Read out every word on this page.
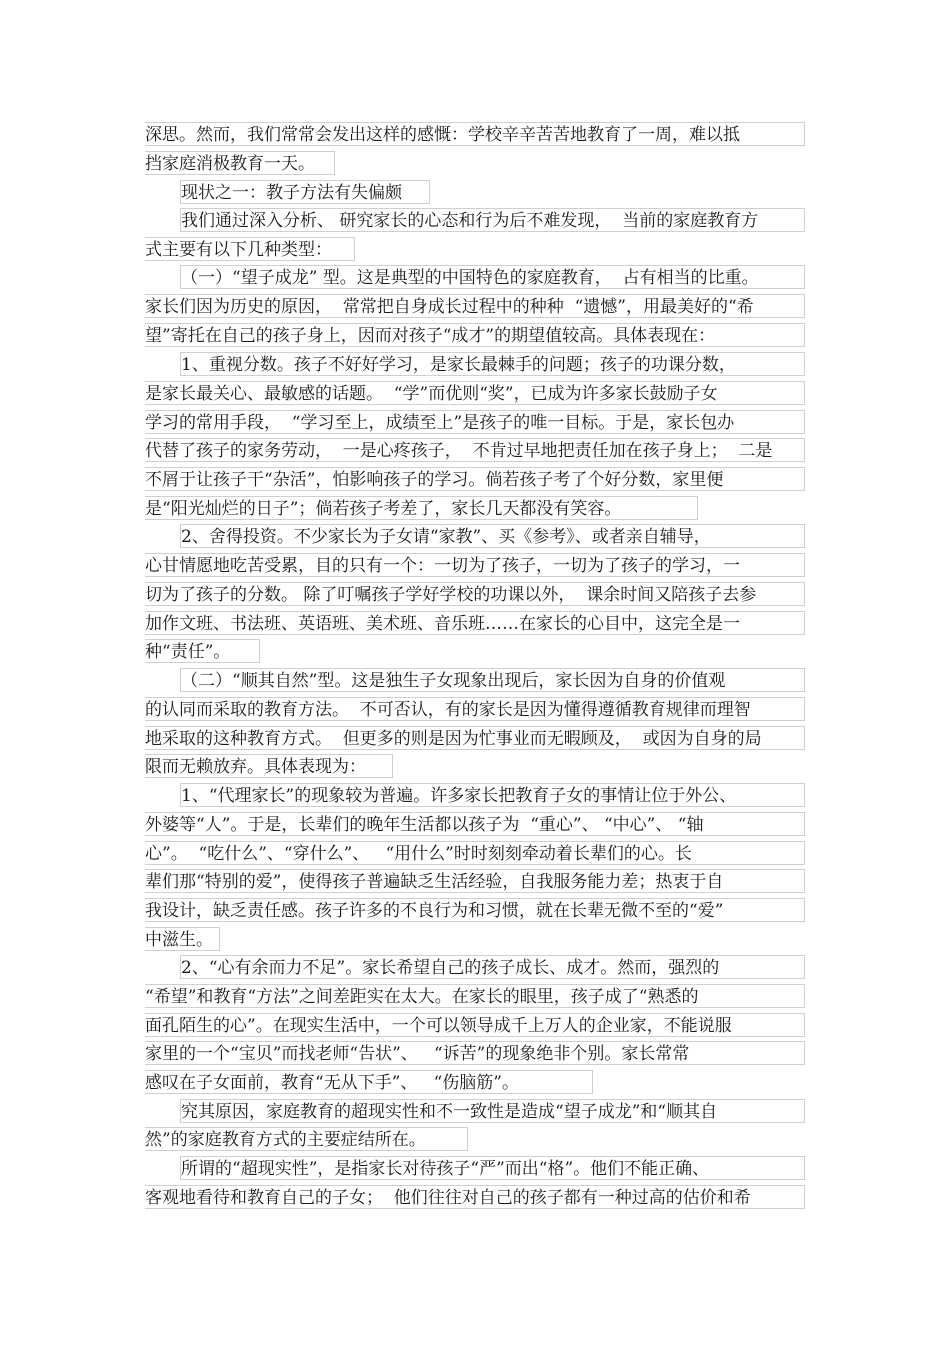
深思。然而，我们常常会发出这样的感慨：学校辛辛苦苦地教育了一周，难以抵
挡家庭消极教育一天。
现状之一：教子方法有失偏颇
我们通过深入分析、 研究家长的心态和行为后不难发现，  当前的家庭教育方
式主要有以下几种类型：
（一）“望子成龙” 型。这是典型的中国特色的家庭教育，  占有相当的比重。
家长们因为历史的原因，  常常把自身成长过程中的种种  “遗憾”，用最美好的“希
望”寄托在自己的孩子身上，因而对孩子“成才”的期望值较高。具体表现在：
1、重视分数。孩子不好好学习，是家长最棘手的问题；孩子的功课分数，
是家长最关心、最敏感的话题。  “学”而优则“奖”，已成为许多家长鼓励子女
学习的常用手段，  “学习至上，成绩至上”是孩子的唯一目标。于是，家长包办
代替了孩子的家务劳动，  一是心疼孩子，  不肯过早地把责任加在孩子身上；  二是
不屑于让孩子干“杂活”，怕影响孩子的学习。倘若孩子考了个好分数，家里便
是“阳光灿烂的日子”；倘若孩子考差了，家长几天都没有笑容。
2、舍得投资。不少家长为子女请“家教”、买《参考》、或者亲自辅导，
心甘情愿地吃苦受累，目的只有一个：一切为了孩子，一切为了孩子的学习，一
切为了孩子的分数。 除了叮嘱孩子学好学校的功课以外，  课余时间又陪孩子去参
加作文班、书法班、英语班、美术班、音乐班……在家长的心目中，这完全是一
种“责任”。
（二）“顺其自然”型。这是独生子女现象出现后，家长因为自身的价值观
的认同而采取的教育方法。  不可否认，有的家长是因为懂得遵循教育规律而理智
地采取的这种教育方式。  但更多的则是因为忙事业而无暇顾及，  或因为自身的局
限而无赖放弃。具体表现为：
1、“代理家长”的现象较为普遍。许多家长把教育子女的事情让位于外公、
外婆等“人”。于是，长辈们的晚年生活都以孩子为  “重心”、 “中心”、 “轴
心”。  “吃什么”、“穿什么”、   “用什么”时时刻刻牵动着长辈们的心。长
辈们那“特别的爱”，使得孩子普遍缺乏生活经验，自我服务能力差；热衷于自
我设计，缺乏责任感。孩子许多的不良行为和习惯，就在长辈无微不至的“爱”
中滋生。
2、“心有余而力不足”。家长希望自己的孩子成长、成才。然而，强烈的
“希望”和教育“方法”之间差距实在太大。在家长的眼里，孩子成了“熟悉的
面孔陌生的心”。在现实生活中，一个可以领导成千上万人的企业家，不能说服
家里的一个“宝贝”而找老师“告状”、   “诉苦”的现象绝非个别。家长常常
感叹在子女面前，教育“无从下手”、   “伤脑筋”。
究其原因，家庭教育的超现实性和不一致性是造成“望子成龙”和“顺其自
然”的家庭教育方式的主要症结所在。
所谓的“超现实性”，是指家长对待孩子“严”而出“格”。他们不能正确、
客观地看待和教育自己的子女；  他们往往对自己的孩子都有一种过高的估价和希
